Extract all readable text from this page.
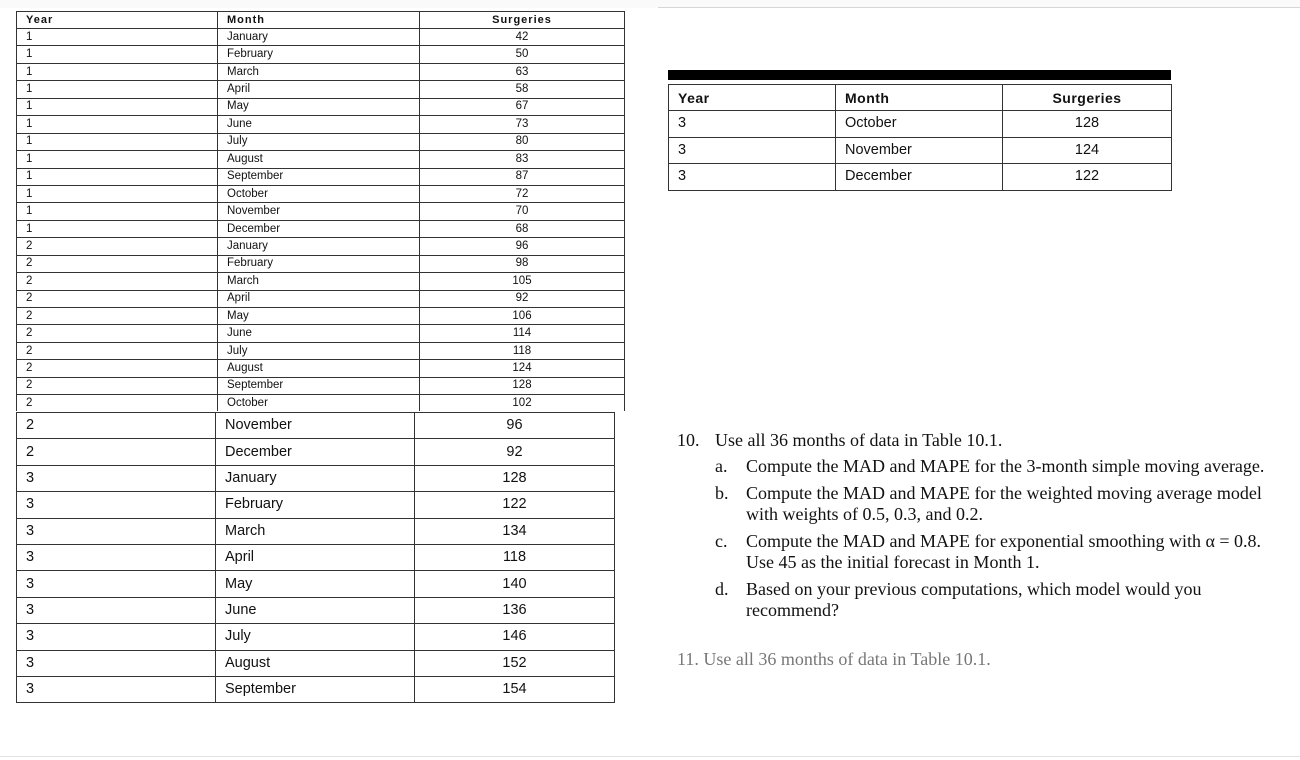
Year	Month	Surgeries
1	January	42
1	February	50
1	March	63
1	April	58
1	May	67
1	June	73
1	July	80
1	August	83
1	September	87
1	October	72
1	November	70
1	December	68
2	January	96
2	February	98
2	March	105
2	April	92
2	May	106
2	June	114
2	July	118
2	August	124
2	September	128
2	October	102
2	November	96
2	December	92
3	January	128
3	February	122
3	March	134
3	April	118
3	May	140
3	June	136
3	July	146
3	August	152
3	September	154
Year	Month	Surgeries
3	October	128
3	November	124
3	December	122
10. Use all 36 months of data in Table 10.1.
a.	Compute the MAD and MAPE for the 3-month simple moving average.
b. Compute the MAD and MAPE for the weighted moving average model with weights of 0.5, 0.3, and 0.2.
c.	Compute the MAD and MAPE for exponential smoothing with α = 0.8. Use 45 as the initial forecast in Month 1.
d. Based on your previous computations, which model would you recommend?
11. Use all 36 months of data in Table 10.1.
